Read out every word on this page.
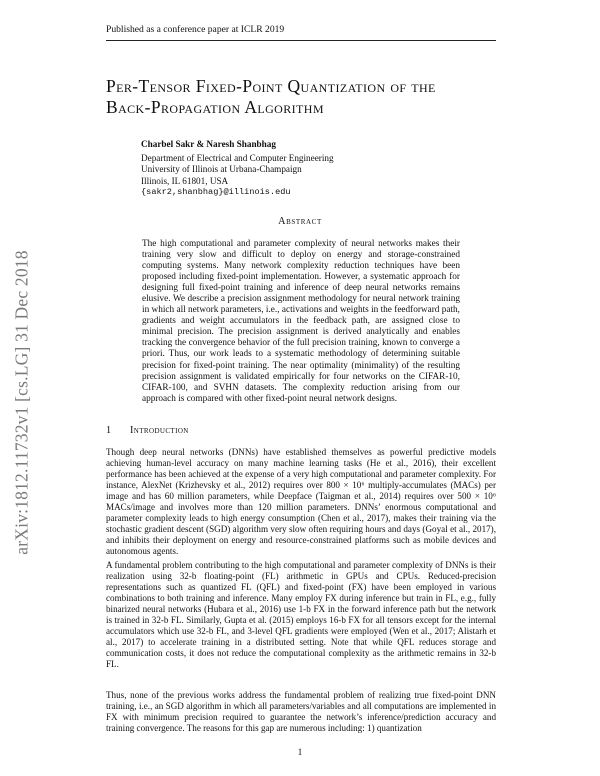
Published as a conference paper at ICLR 2019
arXiv:1812.11732v1 [cs.LG] 31 Dec 2018
Per-Tensor Fixed-Point Quantization of the
Back-Propagation Algorithm
Charbel Sakr & Naresh Shanbhag
Department of Electrical and Computer Engineering
University of Illinois at Urbana-Champaign
Illinois, IL 61801, USA
{sakr2,shanbhag}@illinois.edu
Abstract
The high computational and parameter complexity of neural networks makes their training very slow and difficult to deploy on energy and storage-constrained computing systems. Many network complexity reduction techniques have been proposed including fixed-point implementation. However, a systematic approach for designing full fixed-point training and inference of deep neural networks remains elusive. We describe a precision assignment methodology for neural network training in which all network parameters, i.e., activations and weights in the feedforward path, gradients and weight accumulators in the feedback path, are assigned close to minimal precision. The precision assignment is derived analytically and enables tracking the convergence behavior of the full precision training, known to converge a priori. Thus, our work leads to a systematic methodology of determining suitable precision for fixed-point training. The near optimality (minimality) of the resulting precision assignment is validated empirically for four networks on the CIFAR-10, CIFAR-100, and SVHN datasets. The complexity reduction arising from our approach is compared with other fixed-point neural network designs.
1 Introduction
Though deep neural networks (DNNs) have established themselves as powerful predictive models achieving human-level accuracy on many machine learning tasks (He et al., 2016), their excellent performance has been achieved at the expense of a very high computational and parameter complexity. For instance, AlexNet (Krizhevsky et al., 2012) requires over 800 × 10⁶ multiply-accumulates (MACs) per image and has 60 million parameters, while Deepface (Taigman et al., 2014) requires over 500 × 10⁶ MACs/image and involves more than 120 million parameters. DNNs’ enormous computational and parameter complexity leads to high energy consumption (Chen et al., 2017), makes their training via the stochastic gradient descent (SGD) algorithm very slow often requiring hours and days (Goyal et al., 2017), and inhibits their deployment on energy and resource-constrained platforms such as mobile devices and autonomous agents.
A fundamental problem contributing to the high computational and parameter complexity of DNNs is their realization using 32-b floating-point (FL) arithmetic in GPUs and CPUs. Reduced-precision representations such as quantized FL (QFL) and fixed-point (FX) have been employed in various combinations to both training and inference. Many employ FX during inference but train in FL, e.g., fully binarized neural networks (Hubara et al., 2016) use 1-b FX in the forward inference path but the network is trained in 32-b FL. Similarly, Gupta et al. (2015) employs 16-b FX for all tensors except for the internal accumulators which use 32-b FL, and 3-level QFL gradients were employed (Wen et al., 2017; Alistarh et al., 2017) to accelerate training in a distributed setting. Note that while QFL reduces storage and communication costs, it does not reduce the computational complexity as the arithmetic remains in 32-b FL.
Thus, none of the previous works address the fundamental problem of realizing true fixed-point DNN training, i.e., an SGD algorithm in which all parameters/variables and all computations are implemented in FX with minimum precision required to guarantee the network’s inference/prediction accuracy and training convergence. The reasons for this gap are numerous including: 1) quantization
1
